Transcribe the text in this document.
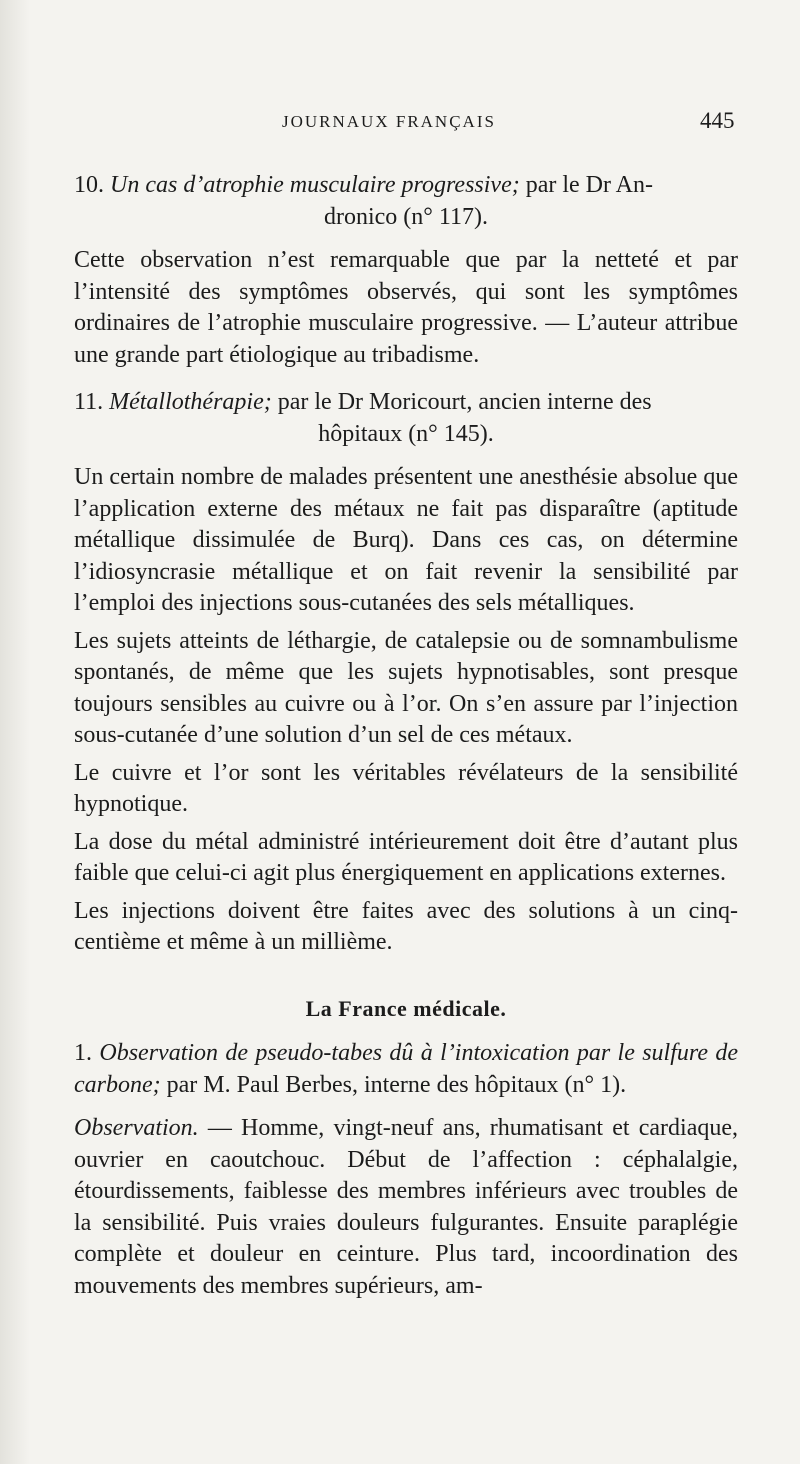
JOURNAUX FRANÇAIS	445
10. Un cas d’atrophie musculaire progressive; par le Dr An-
dronico (n° 117).

Cette observation n’est remarquable que par la netteté et par l’intensité des symptômes observés, qui sont les symptômes ordinaires de l’atrophie musculaire progressive. — L’auteur attribue une grande part étiologique au tribadisme.

11. Métallothérapie; par le Dr Moricourt, ancien interne des
hôpitaux (n° 145).

Un certain nombre de malades présentent une anesthésie absolue que l’application externe des métaux ne fait pas disparaître (aptitude métallique dissimulée de Burq). Dans ces cas, on détermine l’idiosyncrasie métallique et on fait revenir la sensibilité par l’emploi des injections sous-cutanées des sels métalliques.

Les sujets atteints de léthargie, de catalepsie ou de somnambulisme spontanés, de même que les sujets hypnotisables, sont presque toujours sensibles au cuivre ou à l’or. On s’en assure par l’injection sous-cutanée d’une solution d’un sel de ces métaux.

Le cuivre et l’or sont les véritables révélateurs de la sensibilité hypnotique.

La dose du métal administré intérieurement doit être d’autant plus faible que celui-ci agit plus énergiquement en applications externes.

Les injections doivent être faites avec des solutions à un cinq-centième et même à un millième.

La France médicale.
1. Observation de pseudo-tabes dû à l’intoxication par le sulfure de carbone; par M. Paul Berbes, interne des hôpitaux (n° 1).

Observation. — Homme, vingt-neuf ans, rhumatisant et cardiaque, ouvrier en caoutchouc. Début de l’affection : céphalalgie, étourdissements, faiblesse des membres inférieurs avec troubles de la sensibilité. Puis vraies douleurs fulgurantes. Ensuite paraplégie complète et douleur en ceinture. Plus tard, incoordination des mouvements des membres supérieurs, am-
